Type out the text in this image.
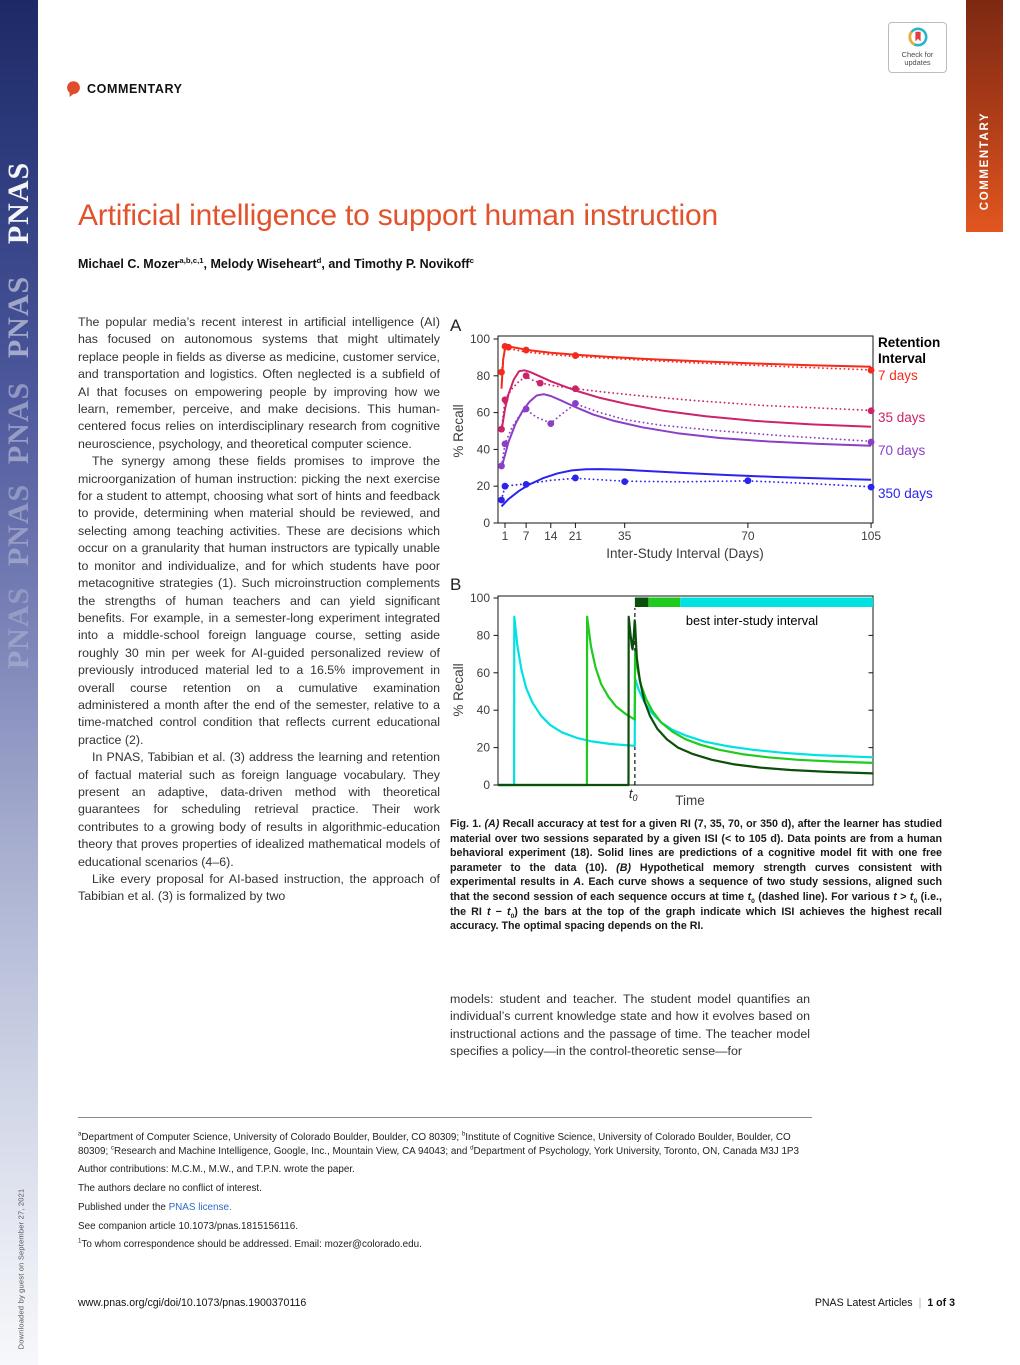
PNAS
PNAS
PNAS
PNAS
PNAS
Downloaded by guest on September 27, 2021
COMMENTARY
Check for
updates
COMMENTARY
Artificial intelligence to support human instruction
Michael C. Mozer$^{a,b,c,1}$, Melody Wiseheart$^d$, and Timothy P. Novikoff$^c$

The popular media’s recent interest in artificial intelligence (AI) has focused on autonomous systems that might ultimately replace people in fields as diverse as medicine, customer service, and transportation and logistics. Often neglected is a subfield of AI that focuses on empowering people by improving how we learn, remember, perceive, and make decisions. This human-centered focus relies on interdisciplinary research from cognitive neuroscience, psychology, and theoretical computer science.

The synergy among these fields promises to improve the microorganization of human instruction: picking the next exercise for a student to attempt, choosing what sort of hints and feedback to provide, determining when material should be reviewed, and selecting among teaching activities. These are decisions which occur on a granularity that human instructors are typically unable to monitor and individualize, and for which students have poor metacognitive strategies (1). Such microinstruction complements the strengths of human teachers and can yield significant benefits. For example, in a semester-long experiment integrated into a middle-school foreign language course, setting aside roughly 30 min per week for AI-guided personalized review of previously introduced material led to a 16.5% improvement in overall course retention on a cumulative examination administered a month after the end of the semester, relative to a time-matched control condition that reflects current educational practice (2).

In PNAS, Tabibian et al. (3) address the learning and retention of factual material such as foreign language vocabulary. They present an adaptive, data-driven method with theoretical guarantees for scheduling retrieval practice. Their work contributes to a growing body of results in algorithmic-education theory that proves properties of idealized mathematical models of educational scenarios (4–6).

Like every proposal for AI-based instruction, the approach of Tabibian et al. (3) is formalized by two

A
1 7 14 21	35	70	105
0
20
40
60
80
100
Inter-Study Interval (Days)
% Recall
Retention Interval
7 days
35 days
70 days
350 days
B
0
20
40
60
80
100
% Recall
best inter-study interval
Time
$t_0$
Fig. 1. (A) Recall accuracy at test for a given RI (7, 35, 70, or 350 d), after the learner has studied material over two sessions separated by a given ISI (< to 105 d). Data points are from a human behavioral experiment (18). Solid lines are predictions of a cognitive model fit with one free parameter to the data (10). (B) Hypothetical memory strength curves consistent with experimental results in A. Each curve shows a sequence of two study sessions, aligned such that the second session of each sequence occurs at time $t_0$ (dashed line). For various $t > t_0$ (i.e., the RI $t - t_0$) the bars at the top of the graph indicate which ISI achieves the highest recall accuracy. The optimal spacing depends on the RI.

models: student and teacher. The student model quantifies an individual’s current knowledge state and how it evolves based on instructional actions and the passage of time. The teacher model specifies a policy—in the control-theoretic sense—for

$^a$Department of Computer Science, University of Colorado Boulder, Boulder, CO 80309; $^b$Institute of Cognitive Science, University of Colorado Boulder, Boulder, CO 80309; $^c$Research and Machine Intelligence, Google, Inc., Mountain View, CA 94043; and $^d$Department of Psychology, York University, Toronto, ON, Canada M3J 1P3
Author contributions: M.C.M., M.W., and T.P.N. wrote the paper.
The authors declare no conflict of interest.
Published under the PNAS license.
See companion article 10.1073/pnas.1815156116.
$^1$To whom correspondence should be addressed. Email: mozer@colorado.edu.
www.pnas.org/cgi/doi/10.1073/pnas.1900370116	PNAS Latest Articles | 1 of 3
